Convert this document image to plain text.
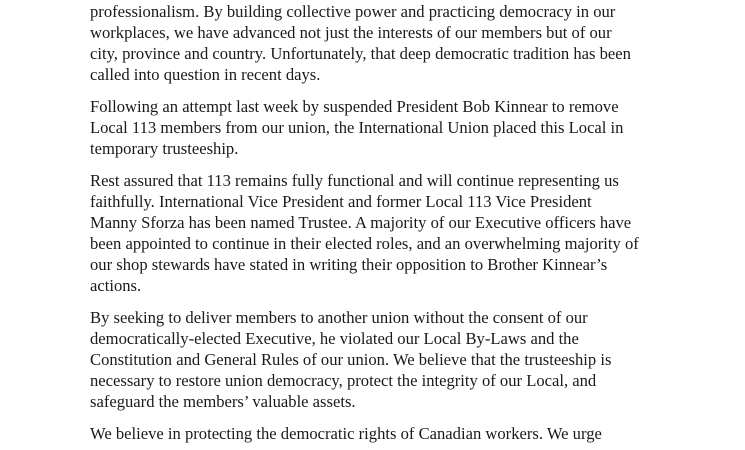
professionalism. By building collective power and practicing democracy in our
workplaces, we have advanced not just the interests of our members but of our
city, province and country. Unfortunately, that deep democratic tradition has been
called into question in recent days.

Following an attempt last week by suspended President Bob Kinnear to remove
Local 113 members from our union, the International Union placed this Local in
temporary trusteeship.

Rest assured that 113 remains fully functional and will continue representing us
faithfully. International Vice President and former Local 113 Vice President
Manny Sforza has been named Trustee. A majority of our Executive officers have
been appointed to continue in their elected roles, and an overwhelming majority of
our shop stewards have stated in writing their opposition to Brother Kinnear’s
actions.

By seeking to deliver members to another union without the consent of our
democratically-elected Executive, he violated our Local By-Laws and the
Constitution and General Rules of our union. We believe that the trusteeship is
necessary to restore union democracy, protect the integrity of our Local, and
safeguard the members’ valuable assets.

We believe in protecting the democratic rights of Canadian workers. We urge
